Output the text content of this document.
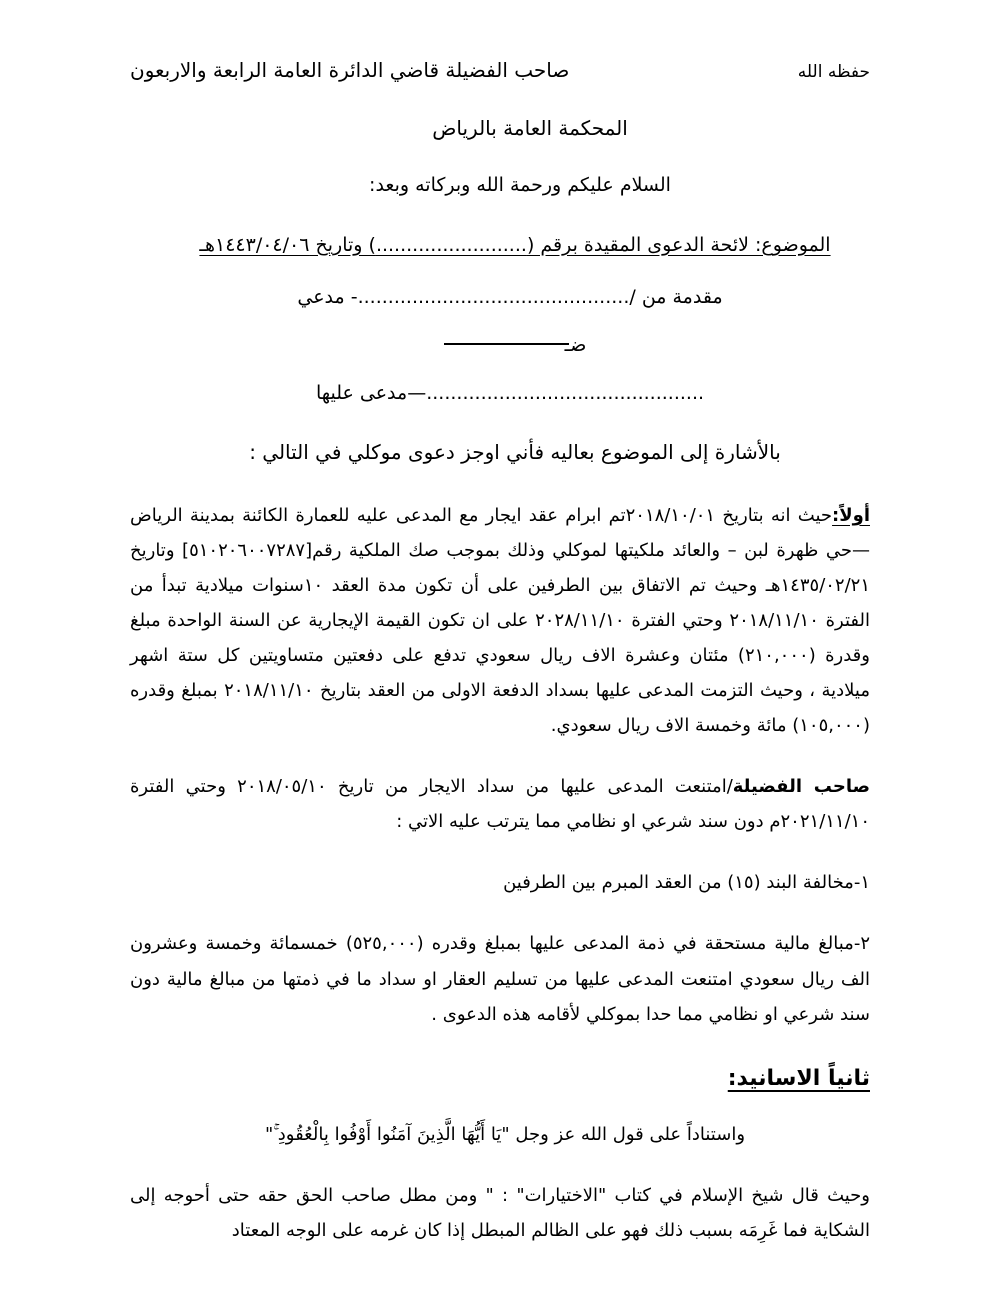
صاحب الفضيلة قاضي الدائرة العامة الرابعة والاربعون	حفظه الله
المحكمة العامة بالرياض
السلام عليكم ورحمة الله وبركاته وبعد:
الموضوع: لائحة الدعوى المقيدة برقم (.........................) وتاريخ ١٤٤٣/٠٤/٠٦هـ
مقدمة من /.............................................- مدعي
ضـ
..............................................—مدعى عليها
بالأشارة إلى الموضوع بعاليه فأني اوجز دعوى موكلي في التالي :

أولاً:حيث انه بتاريخ ٢٠١٨/١٠/٠١تم ابرام عقد ايجار مع المدعى عليه للعمارة الكائنة بمدينة الرياض —حي ظهرة لبن – والعائد ملكيتها لموكلي وذلك بموجب صك الملكية رقم[٥١٠٢٠٦٠٠٧٢٨٧] وتاريخ ١٤٣٥/٠٢/٢١هـ وحيث تم الاتفاق بين الطرفين على أن تكون مدة العقد ١٠سنوات ميلادية تبدأ من الفترة ٢٠١٨/١١/١٠ وحتي الفترة ٢٠٢٨/١١/١٠ على ان تكون القيمة الإيجارية عن السنة الواحدة مبلغ وقدرة (٢١٠,٠٠٠) مئتان وعشرة الاف ريال سعودي تدفع على دفعتين متساويتين كل ستة اشهر ميلادية ، وحيث التزمت المدعى عليها بسداد الدفعة الاولى من العقد بتاريخ ٢٠١٨/١١/١٠ بمبلغ وقدره (١٠٥,٠٠٠) مائة وخمسة الاف ريال سعودي.

صاحب الفضيلة/امتنعت المدعى عليها من سداد الايجار من تاريخ ٢٠١٨/٠٥/١٠ وحتي الفترة ٢٠٢١/١١/١٠م دون سند شرعي او نظامي مما يترتب عليه الاتي :

١-مخالفة البند (١٥) من العقد المبرم بين الطرفين

٢-مبالغ مالية مستحقة في ذمة المدعى عليها بمبلغ وقدره (٥٢٥,٠٠٠) خمسمائة وخمسة وعشرون الف ريال سعودي امتنعت المدعى عليها من تسليم العقار او سداد ما في ذمتها من مبالغ مالية دون سند شرعي او نظامي مما حدا بموكلي لأقامه هذه الدعوى .

ثانياً الاسانيد:

واستناداً على قول الله عز وجل "يَا أَيُّهَا الَّذِينَ آمَنُوا أَوْفُوا بِالْعُقُودِ ۚ"

وحيث قال شيخ الإسلام في كتاب "الاختيارات" : " ومن مطل صاحب الحق حقه حتى أحوجه إلى الشكاية فما غَرِمَه بسبب ذلك فهو على الظالم المبطل إذا كان غرمه على الوجه المعتاد
